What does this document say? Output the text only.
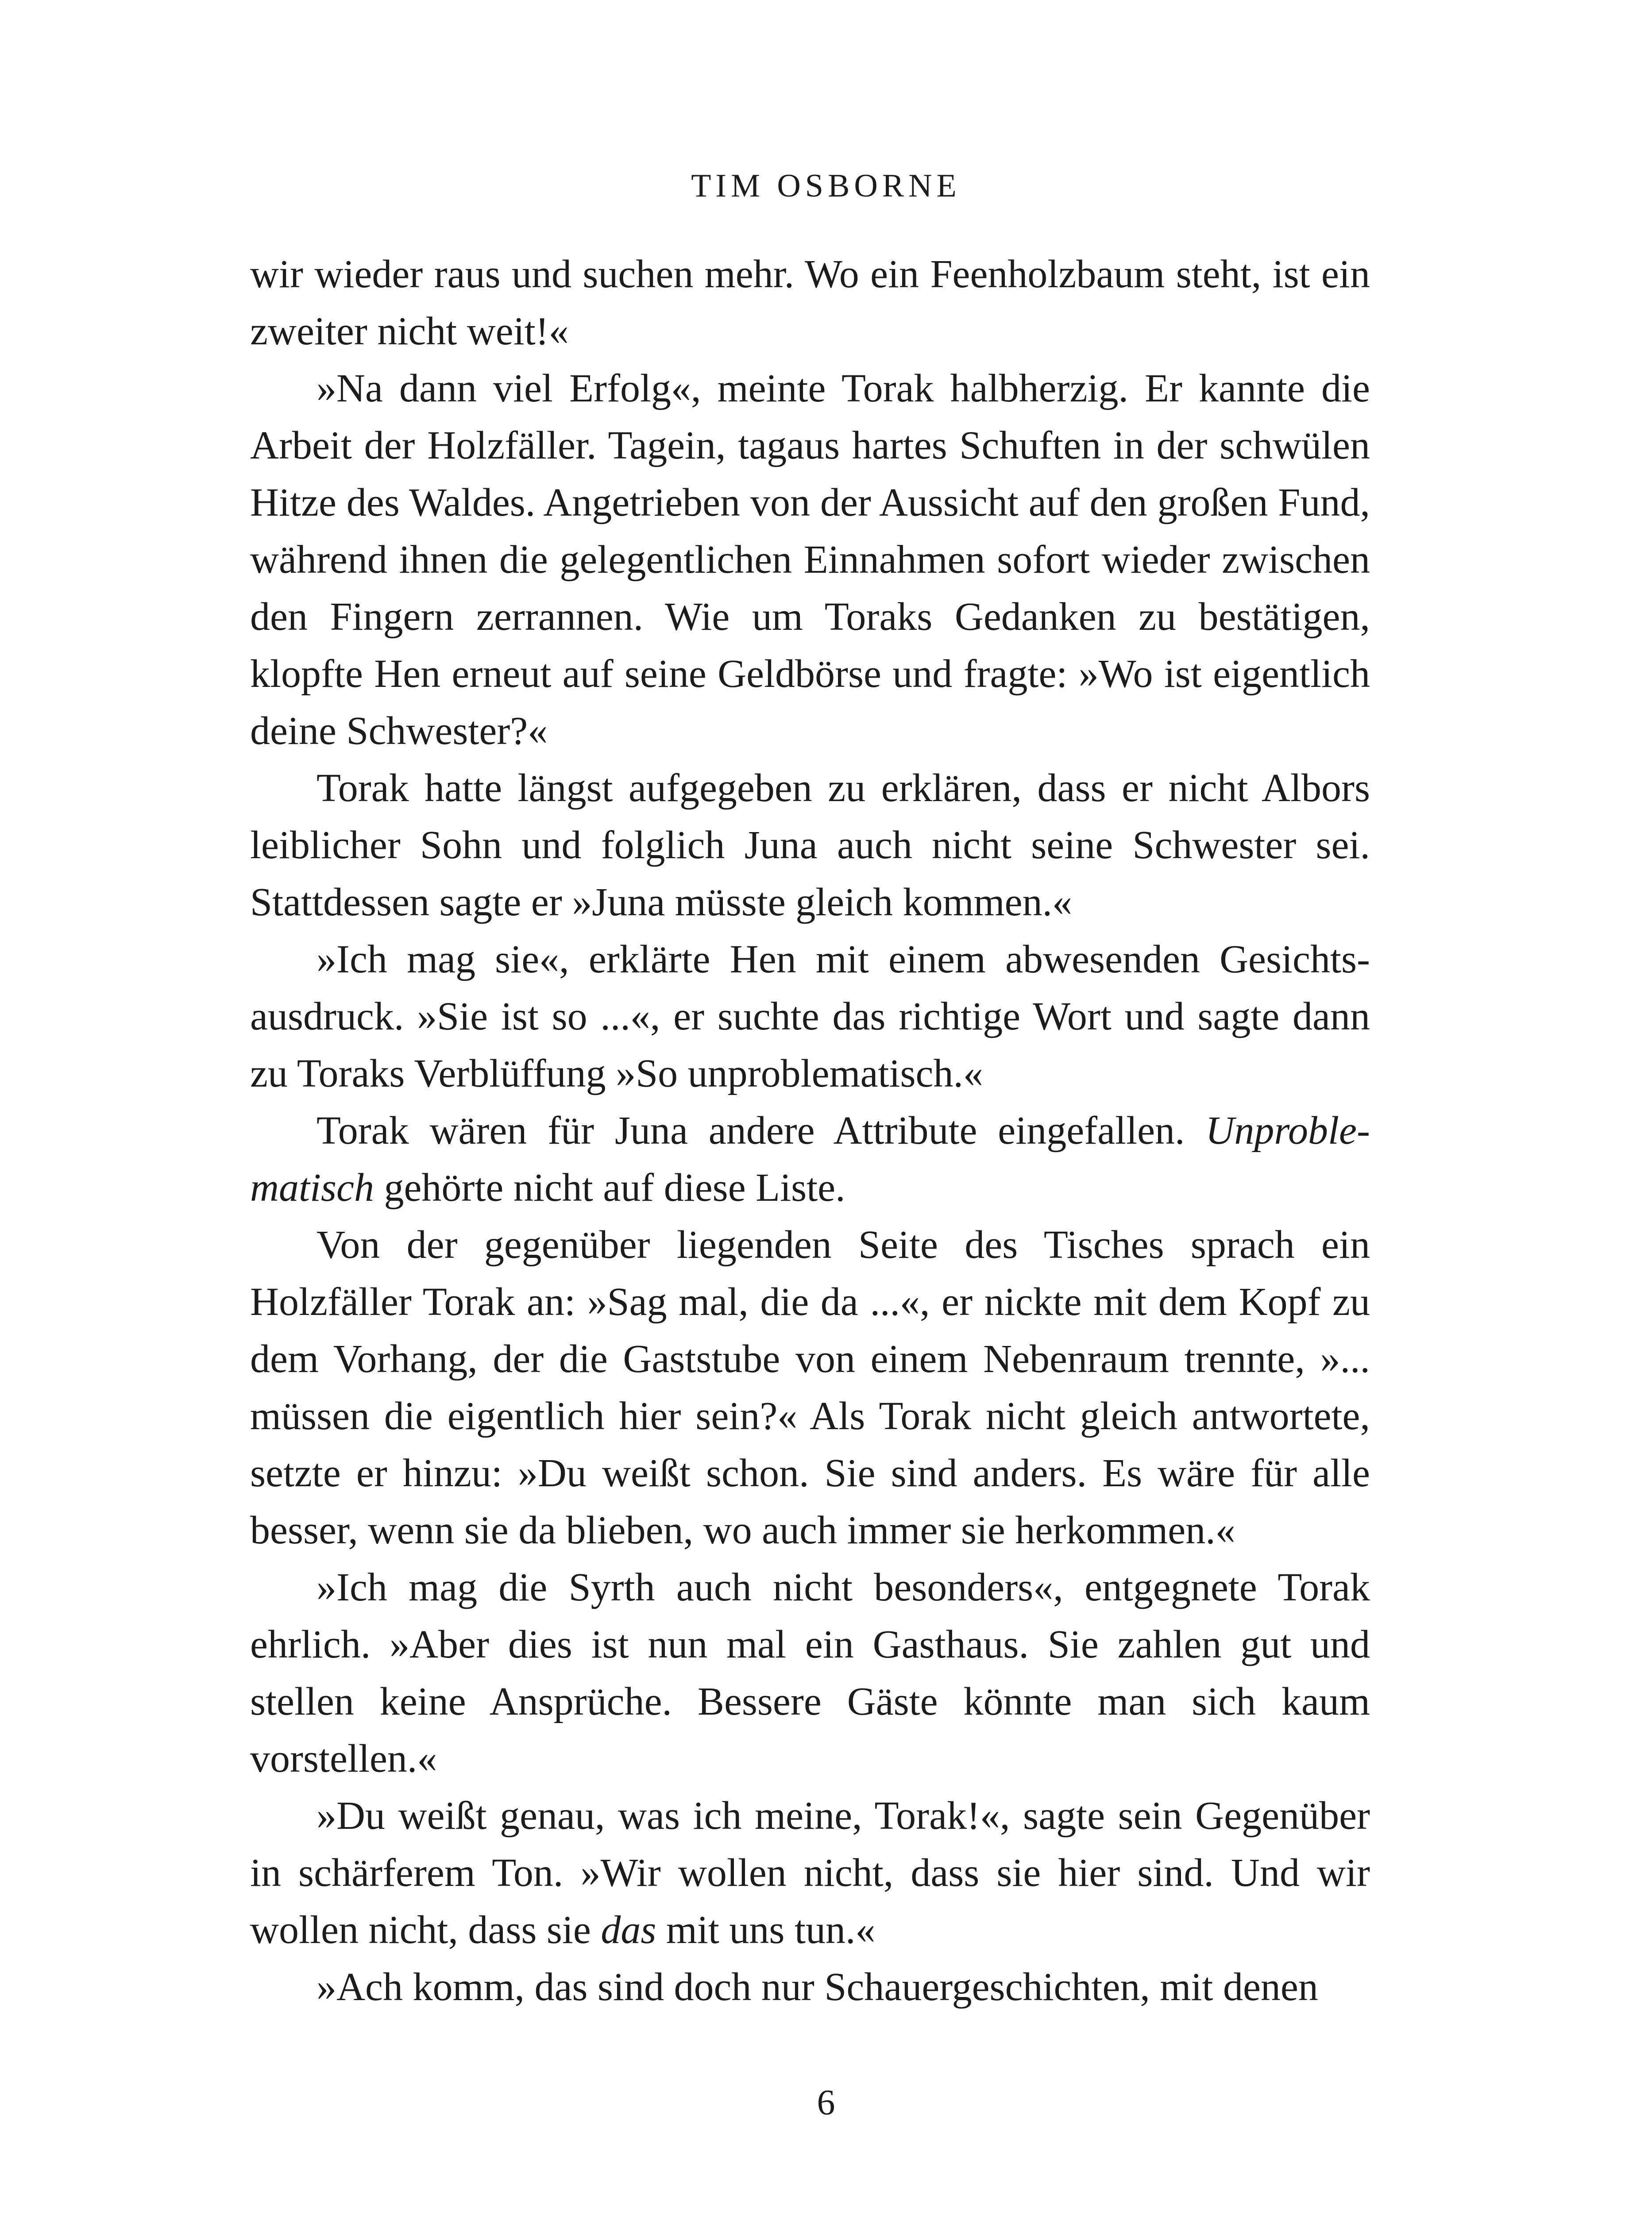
TIM OSBORNE

wir wieder raus und suchen mehr. Wo ein Feenholzbaum steht, ist ein zweiter nicht weit!«

»Na dann viel Erfolg«, meinte Torak halbherzig. Er kannte die Arbeit der Holzfäller. Tagein, tagaus hartes Schuften in der schwülen Hitze des Waldes. Angetrieben von der Aussicht auf den großen Fund, während ihnen die gelegentlichen Einnahmen sofort wieder zwischen den Fingern zerrannen. Wie um Toraks Gedanken zu bestätigen, klopfte Hen erneut auf seine Geldbörse und fragte: »Wo ist eigentlich deine Schwester?«

Torak hatte längst aufgegeben zu erklären, dass er nicht Albors leiblicher Sohn und folglich Juna auch nicht seine Schwester sei. Stattdessen sagte er »Juna müsste gleich kommen.«

»Ich mag sie«, erklärte Hen mit einem abwesenden Gesichtsausdruck. »Sie ist so ...«, er suchte das richtige Wort und sagte dann zu Toraks Verblüffung »So unproblematisch.«

Torak wären für Juna andere Attribute eingefallen. Unproblematisch gehörte nicht auf diese Liste.

Von der gegenüber liegenden Seite des Tisches sprach ein Holzfäller Torak an: »Sag mal, die da ...«, er nickte mit dem Kopf zu dem Vorhang, der die Gaststube von einem Nebenraum trennte, »... müssen die eigentlich hier sein?« Als Torak nicht gleich antwortete, setzte er hinzu: »Du weißt schon. Sie sind anders. Es wäre für alle besser, wenn sie da blieben, wo auch immer sie herkommen.«

»Ich mag die Syrth auch nicht besonders«, entgegnete Torak ehrlich. »Aber dies ist nun mal ein Gasthaus. Sie zahlen gut und stellen keine Ansprüche. Bessere Gäste könnte man sich kaum vorstellen.«

»Du weißt genau, was ich meine, Torak!«, sagte sein Gegenüber in schärferem Ton. »Wir wollen nicht, dass sie hier sind. Und wir wollen nicht, dass sie das mit uns tun.«

»Ach komm, das sind doch nur Schauergeschichten, mit denen

6
